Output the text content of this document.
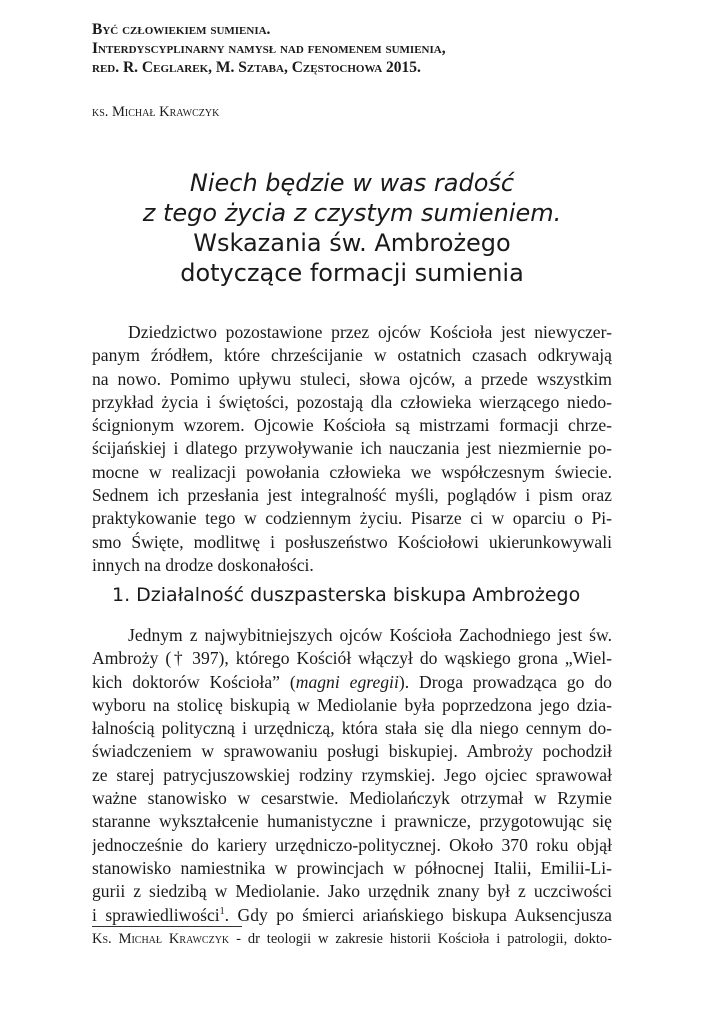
Być człowiekiem sumienia.
Interdyscyplinarny namysł nad fenomenem sumienia,
red. R. Ceglarek, M. Sztaba, Częstochowa 2015.
ks. Michał Krawczyk
Niech będzie w was radość
z tego życia z czystym sumieniem.
Wskazania św. Ambrożego
dotyczące formacji sumienia
Dziedzictwo pozostawione przez ojców Kościoła jest niewyczer-
panym źródłem, które chrześcijanie w ostatnich czasach odkrywają
na nowo. Pomimo upływu stuleci, słowa ojców, a przede wszystkim
przykład życia i świętości, pozostają dla człowieka wierzącego niedo-
ścignionym wzorem. Ojcowie Kościoła są mistrzami formacji chrze-
ścijańskiej i dlatego przywoływanie ich nauczania jest niezmiernie po-
mocne w realizacji powołania człowieka we współczesnym świecie.
Sednem ich przesłania jest integralność myśli, poglądów i pism oraz
praktykowanie tego w codziennym życiu. Pisarze ci w oparciu o Pi-
smo Święte, modlitwę i posłuszeństwo Kościołowi ukierunkowywali
innych na drodze doskonałości.
1. Działalność duszpasterska biskupa Ambrożego
Jednym z najwybitniejszych ojców Kościoła Zachodniego jest św.
Ambroży († 397), którego Kościół włączył do wąskiego grona „Wiel-
kich doktorów Kościoła” (magni egregii). Droga prowadząca go do
wyboru na stolicę biskupią w Mediolanie była poprzedzona jego dzia-
łalnością polityczną i urzędniczą, która stała się dla niego cennym do-
świadczeniem w sprawowaniu posługi biskupiej. Ambroży pochodził
ze starej patrycjuszowskiej rodziny rzymskiej. Jego ojciec sprawował
ważne stanowisko w cesarstwie. Mediolańczyk otrzymał w Rzymie
staranne wykształcenie humanistyczne i prawnicze, przygotowując się
jednocześnie do kariery urzędniczo-politycznej. Około 370 roku objął
stanowisko namiestnika w prowincjach w północnej Italii, Emilii-Li-
gurii z siedzibą w Mediolanie. Jako urzędnik znany był z uczciwości
i sprawiedliwości$^1$. Gdy po śmierci ariańskiego biskupa Auksencjusza
Ks. Michał Krawczyk - dr teologii w zakresie historii Kościoła i patrologii, dokto-
